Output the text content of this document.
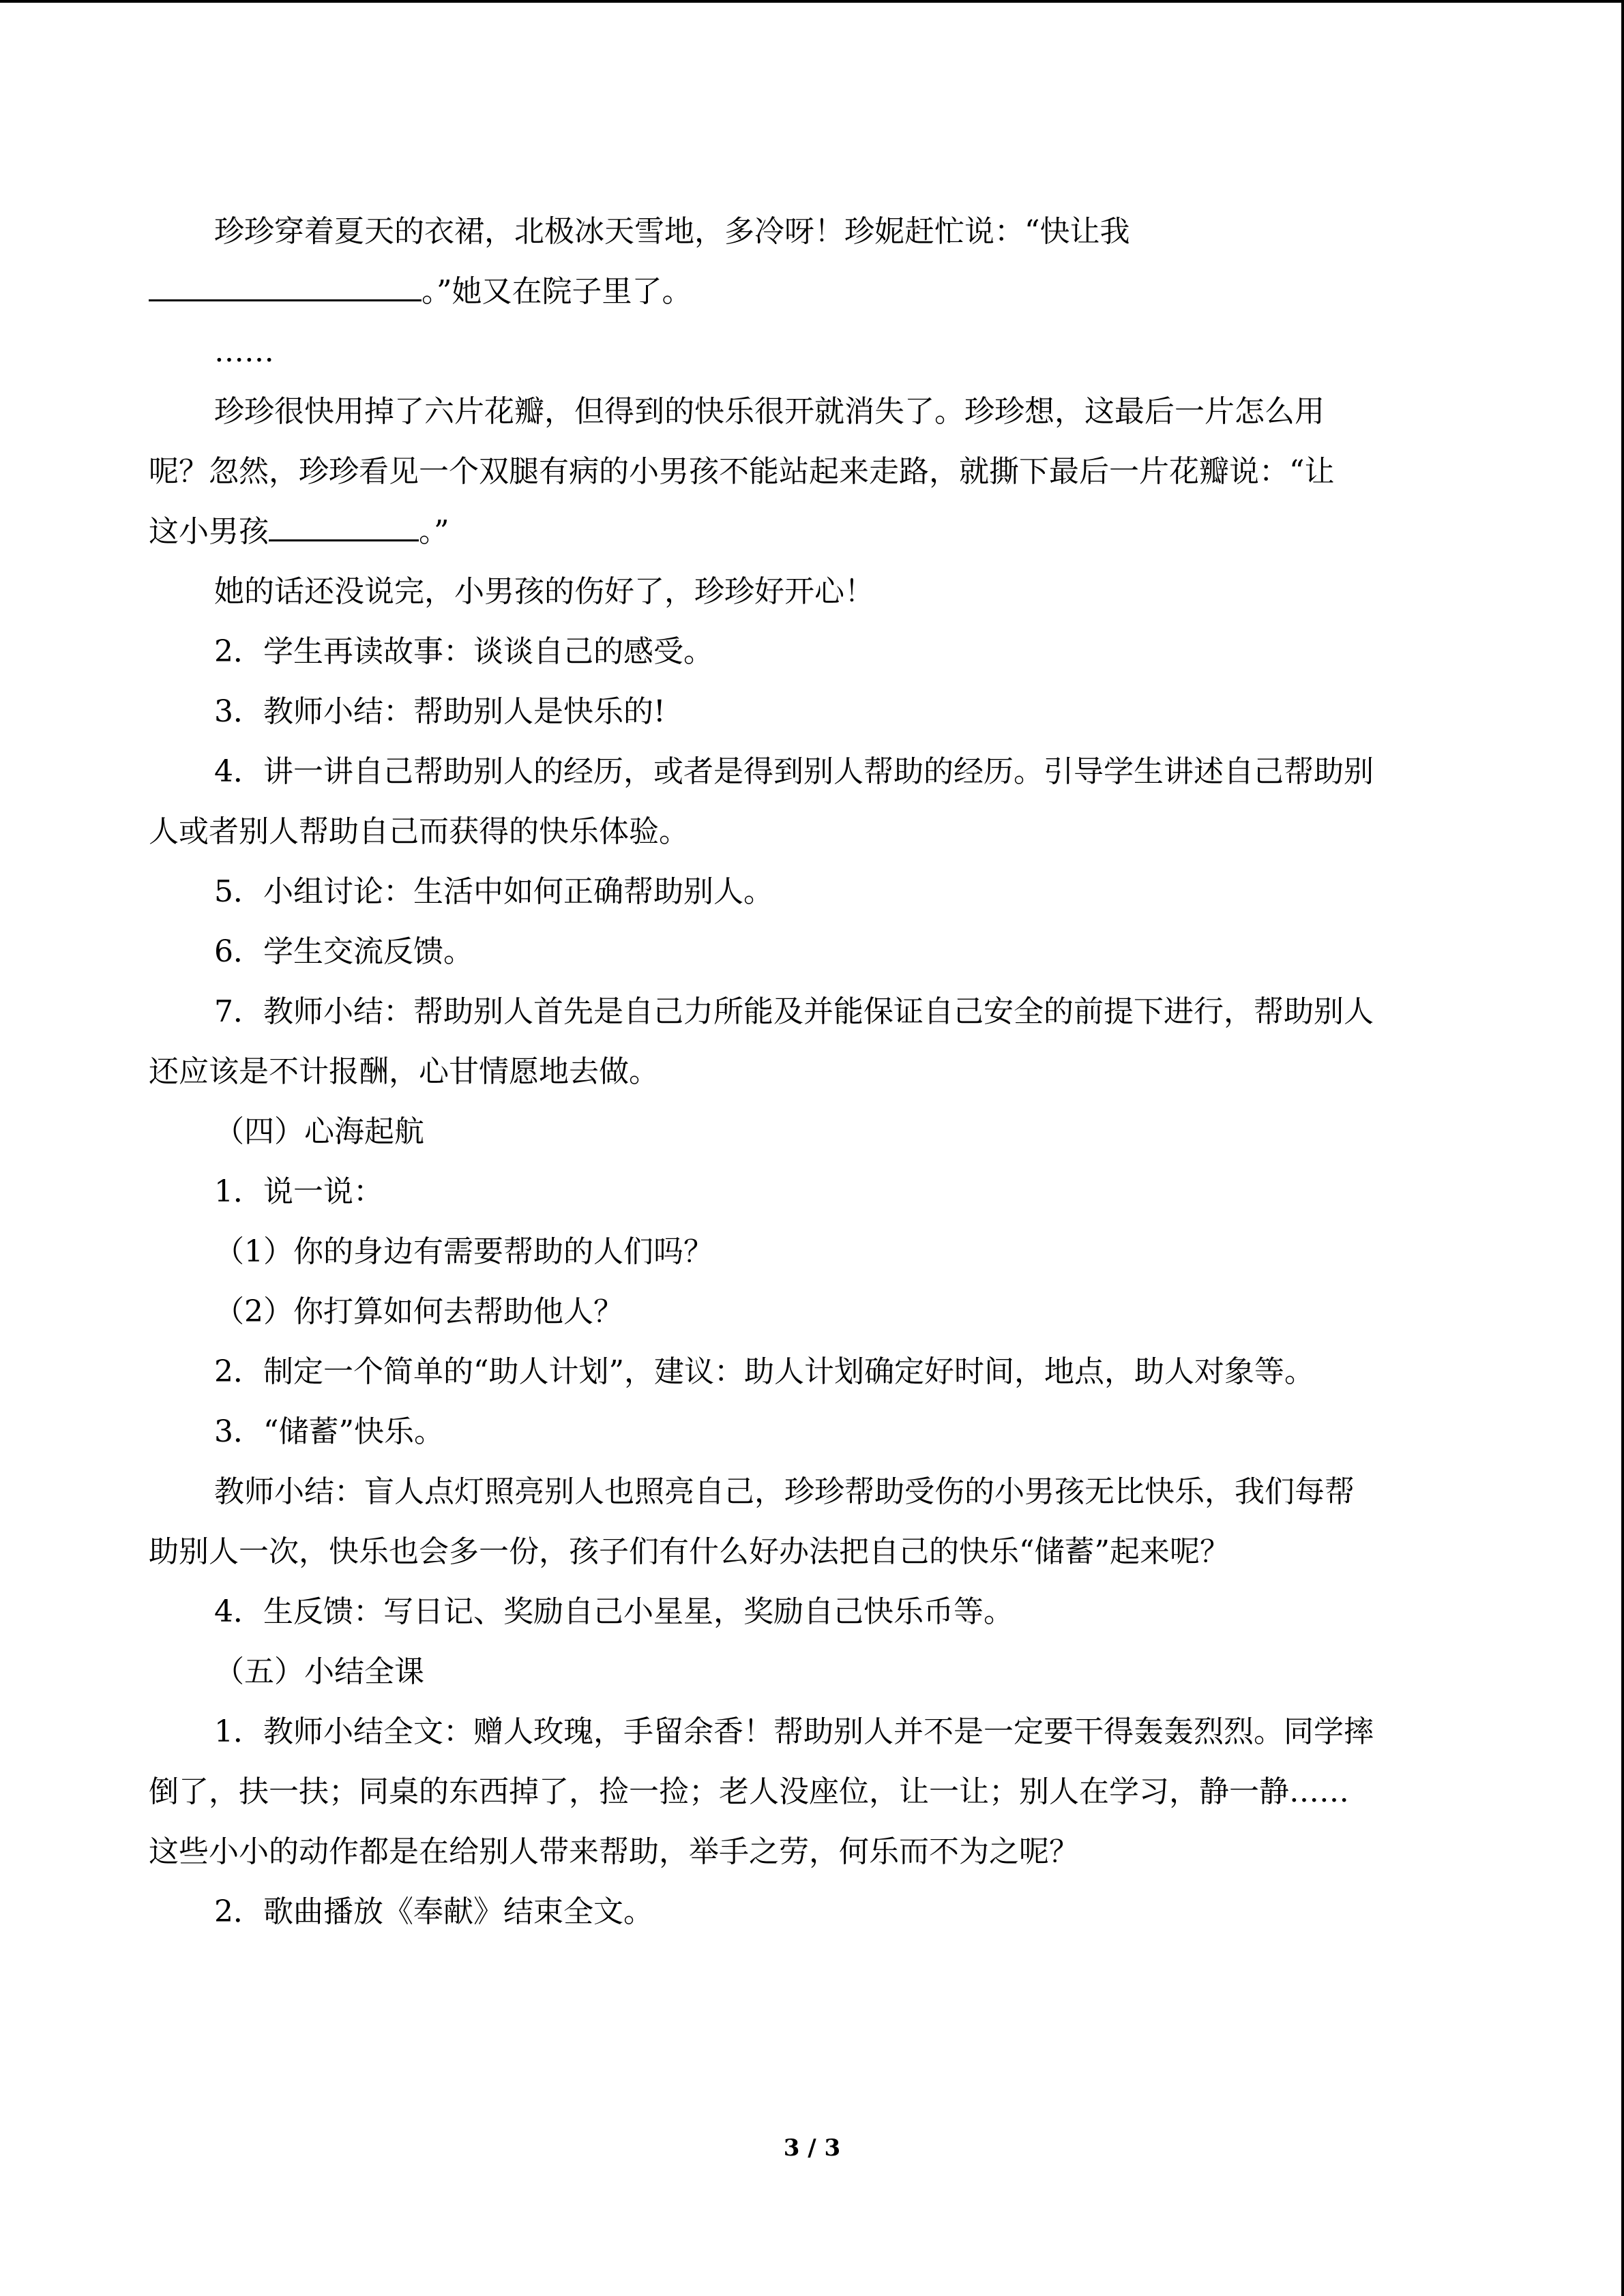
珍珍穿着夏天的衣裙，北极冰天雪地，多冷呀！珍妮赶忙说：“快让我
。”她又在院子里了。
……
珍珍很快用掉了六片花瓣，但得到的快乐很开就消失了。珍珍想，这最后一片怎么用
呢？忽然，珍珍看见一个双腿有病的小男孩不能站起来走路，就撕下最后一片花瓣说：“让
这小男孩	。”
她的话还没说完，小男孩的伤好了，珍珍好开心！
2．学生再读故事：谈谈自己的感受。
3．教师小结：帮助别人是快乐的!
4．讲一讲自己帮助别人的经历，或者是得到别人帮助的经历。引导学生讲述自己帮助别
人或者别人帮助自己而获得的快乐体验。
5．小组讨论：生活中如何正确帮助别人。
6．学生交流反馈。
7．教师小结：帮助别人首先是自己力所能及并能保证自己安全的前提下进行，帮助别人
还应该是不计报酬，心甘情愿地去做。
（四）心海起航
1．说一说：
（1）你的身边有需要帮助的人们吗？
（2）你打算如何去帮助他人？
2．制定一个简单的“助人计划”，建议：助人计划确定好时间，地点，助人对象等。
3．“储蓄”快乐。
教师小结：盲人点灯照亮别人也照亮自己，珍珍帮助受伤的小男孩无比快乐，我们每帮
助别人一次，快乐也会多一份，孩子们有什么好办法把自己的快乐“储蓄”起来呢？
4．生反馈：写日记、奖励自己小星星，奖励自己快乐币等。
（五）小结全课
1．教师小结全文：赠人玫瑰，手留余香！帮助别人并不是一定要干得轰轰烈烈。同学摔
倒了，扶一扶；同桌的东西掉了，捡一捡；老人没座位，让一让；别人在学习，静一静……
这些小小的动作都是在给别人带来帮助，举手之劳，何乐而不为之呢？
2．歌曲播放《奉献》结束全文。
3 / 3
